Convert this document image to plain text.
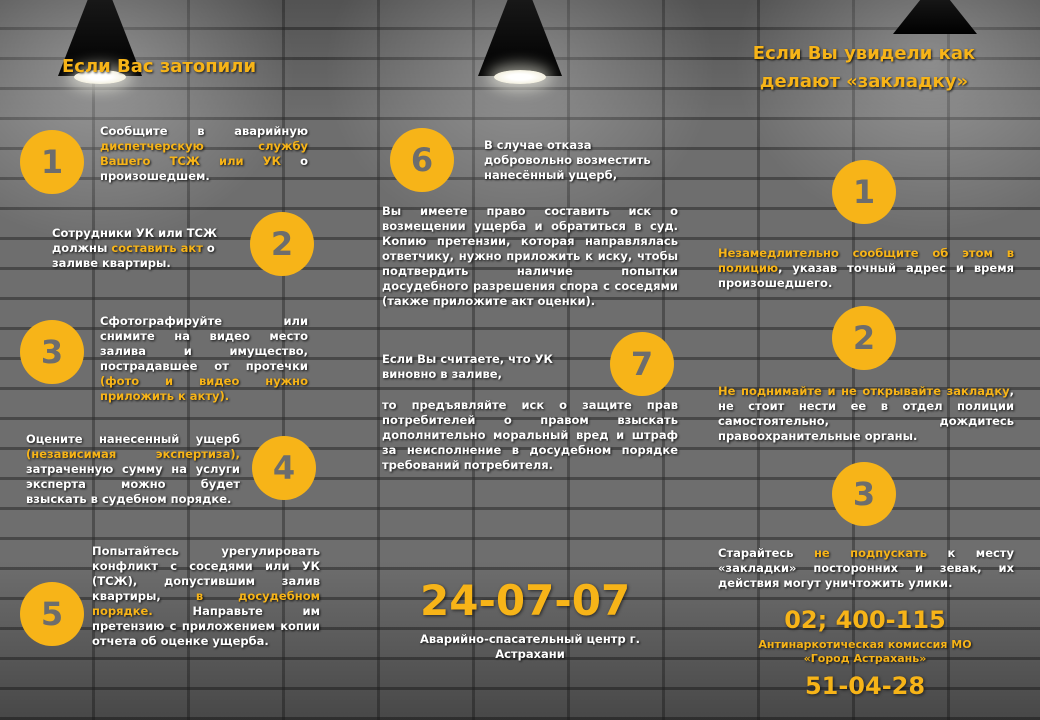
Если Вас затопили
1
Сообщите в аварийную диспетчерскую службу Вашего ТСЖ или УК о произошедшем.
2
Сотрудники УК или ТСЖ должны составить акт о заливе квартиры.
3
Сфотографируйте или снимите на видео место залива и имущество, пострадавшее от протечки (фото и видео нужно приложить к акту).
4
Оцените нанесенный ущерб (независимая экспертиза), затраченную сумму на услуги эксперта можно будет взыскать в судебном порядке.
5
Попытайтесь урегулировать конфликт с соседями или УК (ТСЖ), допустившим залив квартиры, в досудебном порядке. Направьте им претензию с приложением копии отчета об оценке ущерба.
6	В случае отказа добровольно возместить нанесённый ущерб,
Вы имеете право составить иск о возмещении ущерба и обратиться в суд. Копию претензии, которая направлялась ответчику, нужно приложить к иску, чтобы подтвердить наличие попытки досудебного разрешения спора с соседями (также приложите акт оценки).
7
Если Вы считаете, что УК виновно в заливе,
то предъявляйте иск о защите прав потребителей о правом взыскать дополнительно моральный вред и штраф за неисполнение в досудебном порядке требований потребителя.
24-07-07
Аварийно-спасательный центр г. Астрахани
Если Вы увидели как делают «закладку»
1
Незамедлительно сообщите об этом в полицию, указав точный адрес и время произошедшего.
2
Не поднимайте и не открывайте закладку, не стоит нести ее в отдел полиции самостоятельно, дождитесь правоохранительные органы.
3
Старайтесь не подпускать к месту «закладки» посторонних и зевак, их действия могут уничтожить улики.
02; 400-115
Антинаркотическая комиссия МО «Город Астрахань»
51-04-28
